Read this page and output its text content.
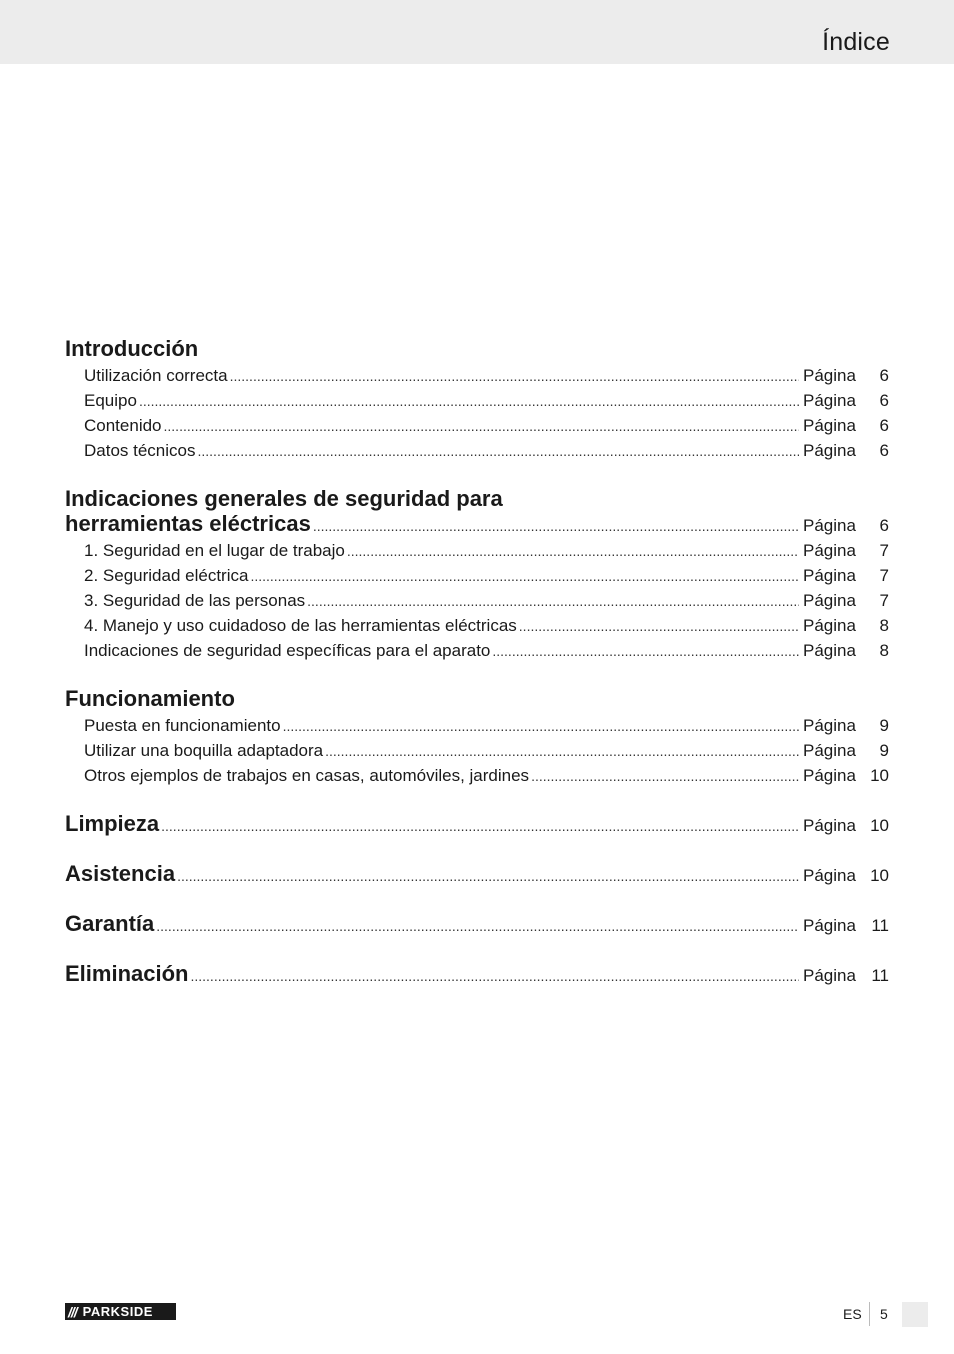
Índice
Introducción
Utilización correcta .....	Página	6
Equipo .....	Página	6
Contenido .....	Página	6
Datos técnicos .....	Página	6
Indicaciones generales de seguridad para
herramientas eléctricas .....	Página	6
1. Seguridad en el lugar de trabajo .....	Página	7
2. Seguridad eléctrica .....	Página	7
3. Seguridad de las personas .....	Página	7
4. Manejo y uso cuidadoso de las herramientas eléctricas .....	Página	8
Indicaciones de seguridad específicas para el aparato .....	Página	8
Funcionamiento
Puesta en funcionamiento .....	Página	9
Utilizar una boquilla adaptadora .....	Página	9
Otros ejemplos de trabajos en casas, automóviles, jardines .....	Página 10
Limpieza .....	Página 10
Asistencia .....	Página 10
Garantía .....	Página 11
Eliminación .....	Página 11
/// PARKSIDE	ES 5
